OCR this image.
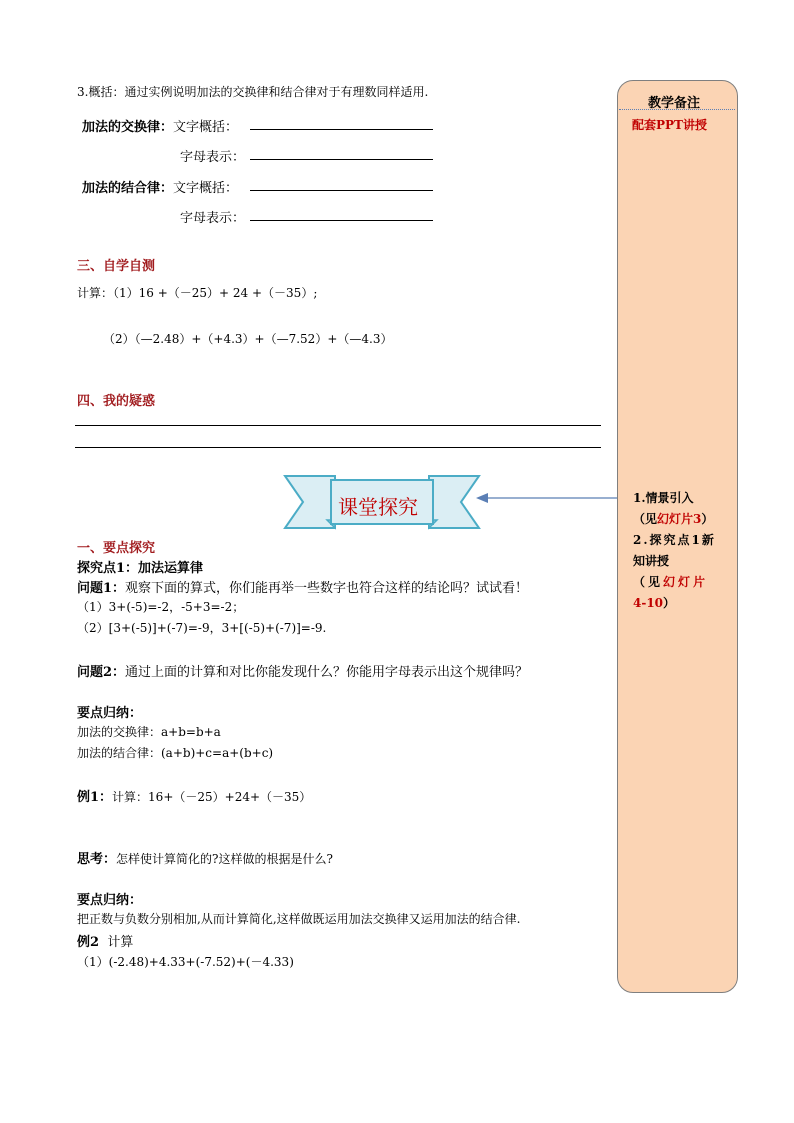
3.概括：通过实例说明加法的交换律和结合律对于有理数同样适用.
加法的交换律：文字概括：
字母表示：
加法的结合律：文字概括：
字母表示：
三、自学自测
计算：（1）16 +（－25）+ 24 +（－35）;
（2）（—2.48）+（+4.3）+（—7.52）+（—4.3）
四、我的疑惑
课堂探究
一、要点探究
探究点1：加法运算律
问题1：观察下面的算式，你们能再举一些数字也符合这样的结论吗？试试看！
（1）3+(-5)=-2，-5+3=-2；
（2）[3+(-5)]+(-7)=-9，3+[(-5)+(-7)]=-9.
问题2：通过上面的计算和对比你能发现什么？你能用字母表示出这个规律吗？
要点归纳：
加法的交换律：a+b=b+a
加法的结合律：(a+b)+c=a+(b+c)
例1：计算：16+（－25）+24+（－35）
思考：怎样使计算简化的?这样做的根据是什么?
要点归纳：
把正数与负数分别相加,从而计算简化,这样做既运用加法交换律又运用加法的结合律.
例2 计算
（1）(-2.48)+4.33+(-7.52)+(－4.33)
教学备注
配套PPT讲授
1.情景引入
（见幻灯片3）
2.探究点1新
知讲授
（见幻灯片
4-10）
